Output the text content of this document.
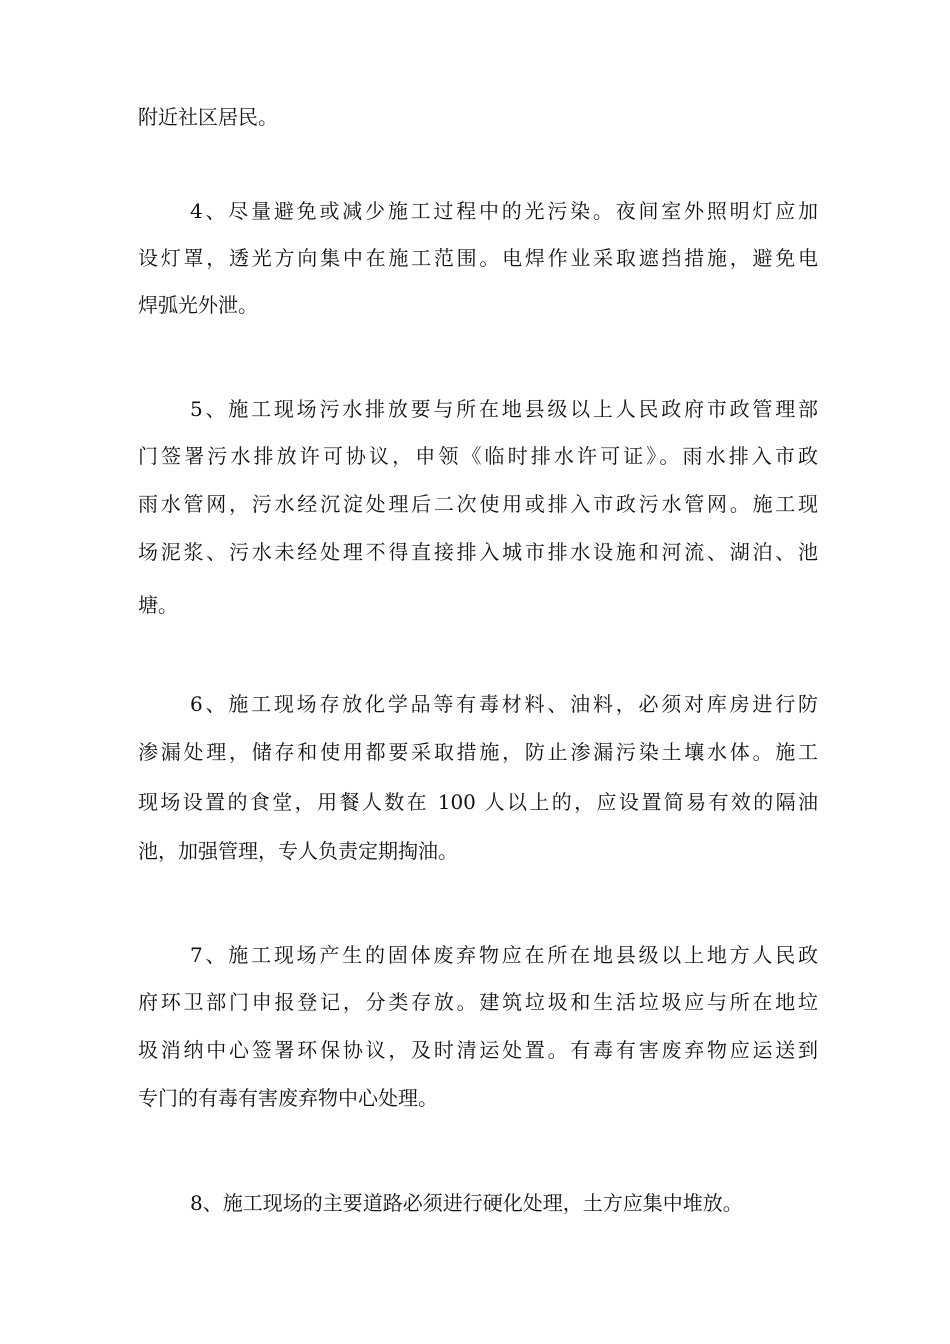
附近社区居民。
4、尽量避免或减少施工过程中的光污染。夜间室外照明灯应加
设灯罩，透光方向集中在施工范围。电焊作业采取遮挡措施，避免电
焊弧光外泄。
5、施工现场污水排放要与所在地县级以上人民政府市政管理部
门签署污水排放许可协议，申领《临时排水许可证》。雨水排入市政
雨水管网，污水经沉淀处理后二次使用或排入市政污水管网。施工现
场泥浆、污水未经处理不得直接排入城市排水设施和河流、湖泊、池
塘。
6、施工现场存放化学品等有毒材料、油料，必须对库房进行防
渗漏处理，储存和使用都要采取措施，防止渗漏污染土壤水体。施工
现场设置的食堂，用餐人数在 100 人以上的，应设置简易有效的隔油
池，加强管理，专人负责定期掏油。
7、施工现场产生的固体废弃物应在所在地县级以上地方人民政
府环卫部门申报登记，分类存放。建筑垃圾和生活垃圾应与所在地垃
圾消纳中心签署环保协议，及时清运处置。有毒有害废弃物应运送到
专门的有毒有害废弃物中心处理。
8、施工现场的主要道路必须进行硬化处理，土方应集中堆放。
